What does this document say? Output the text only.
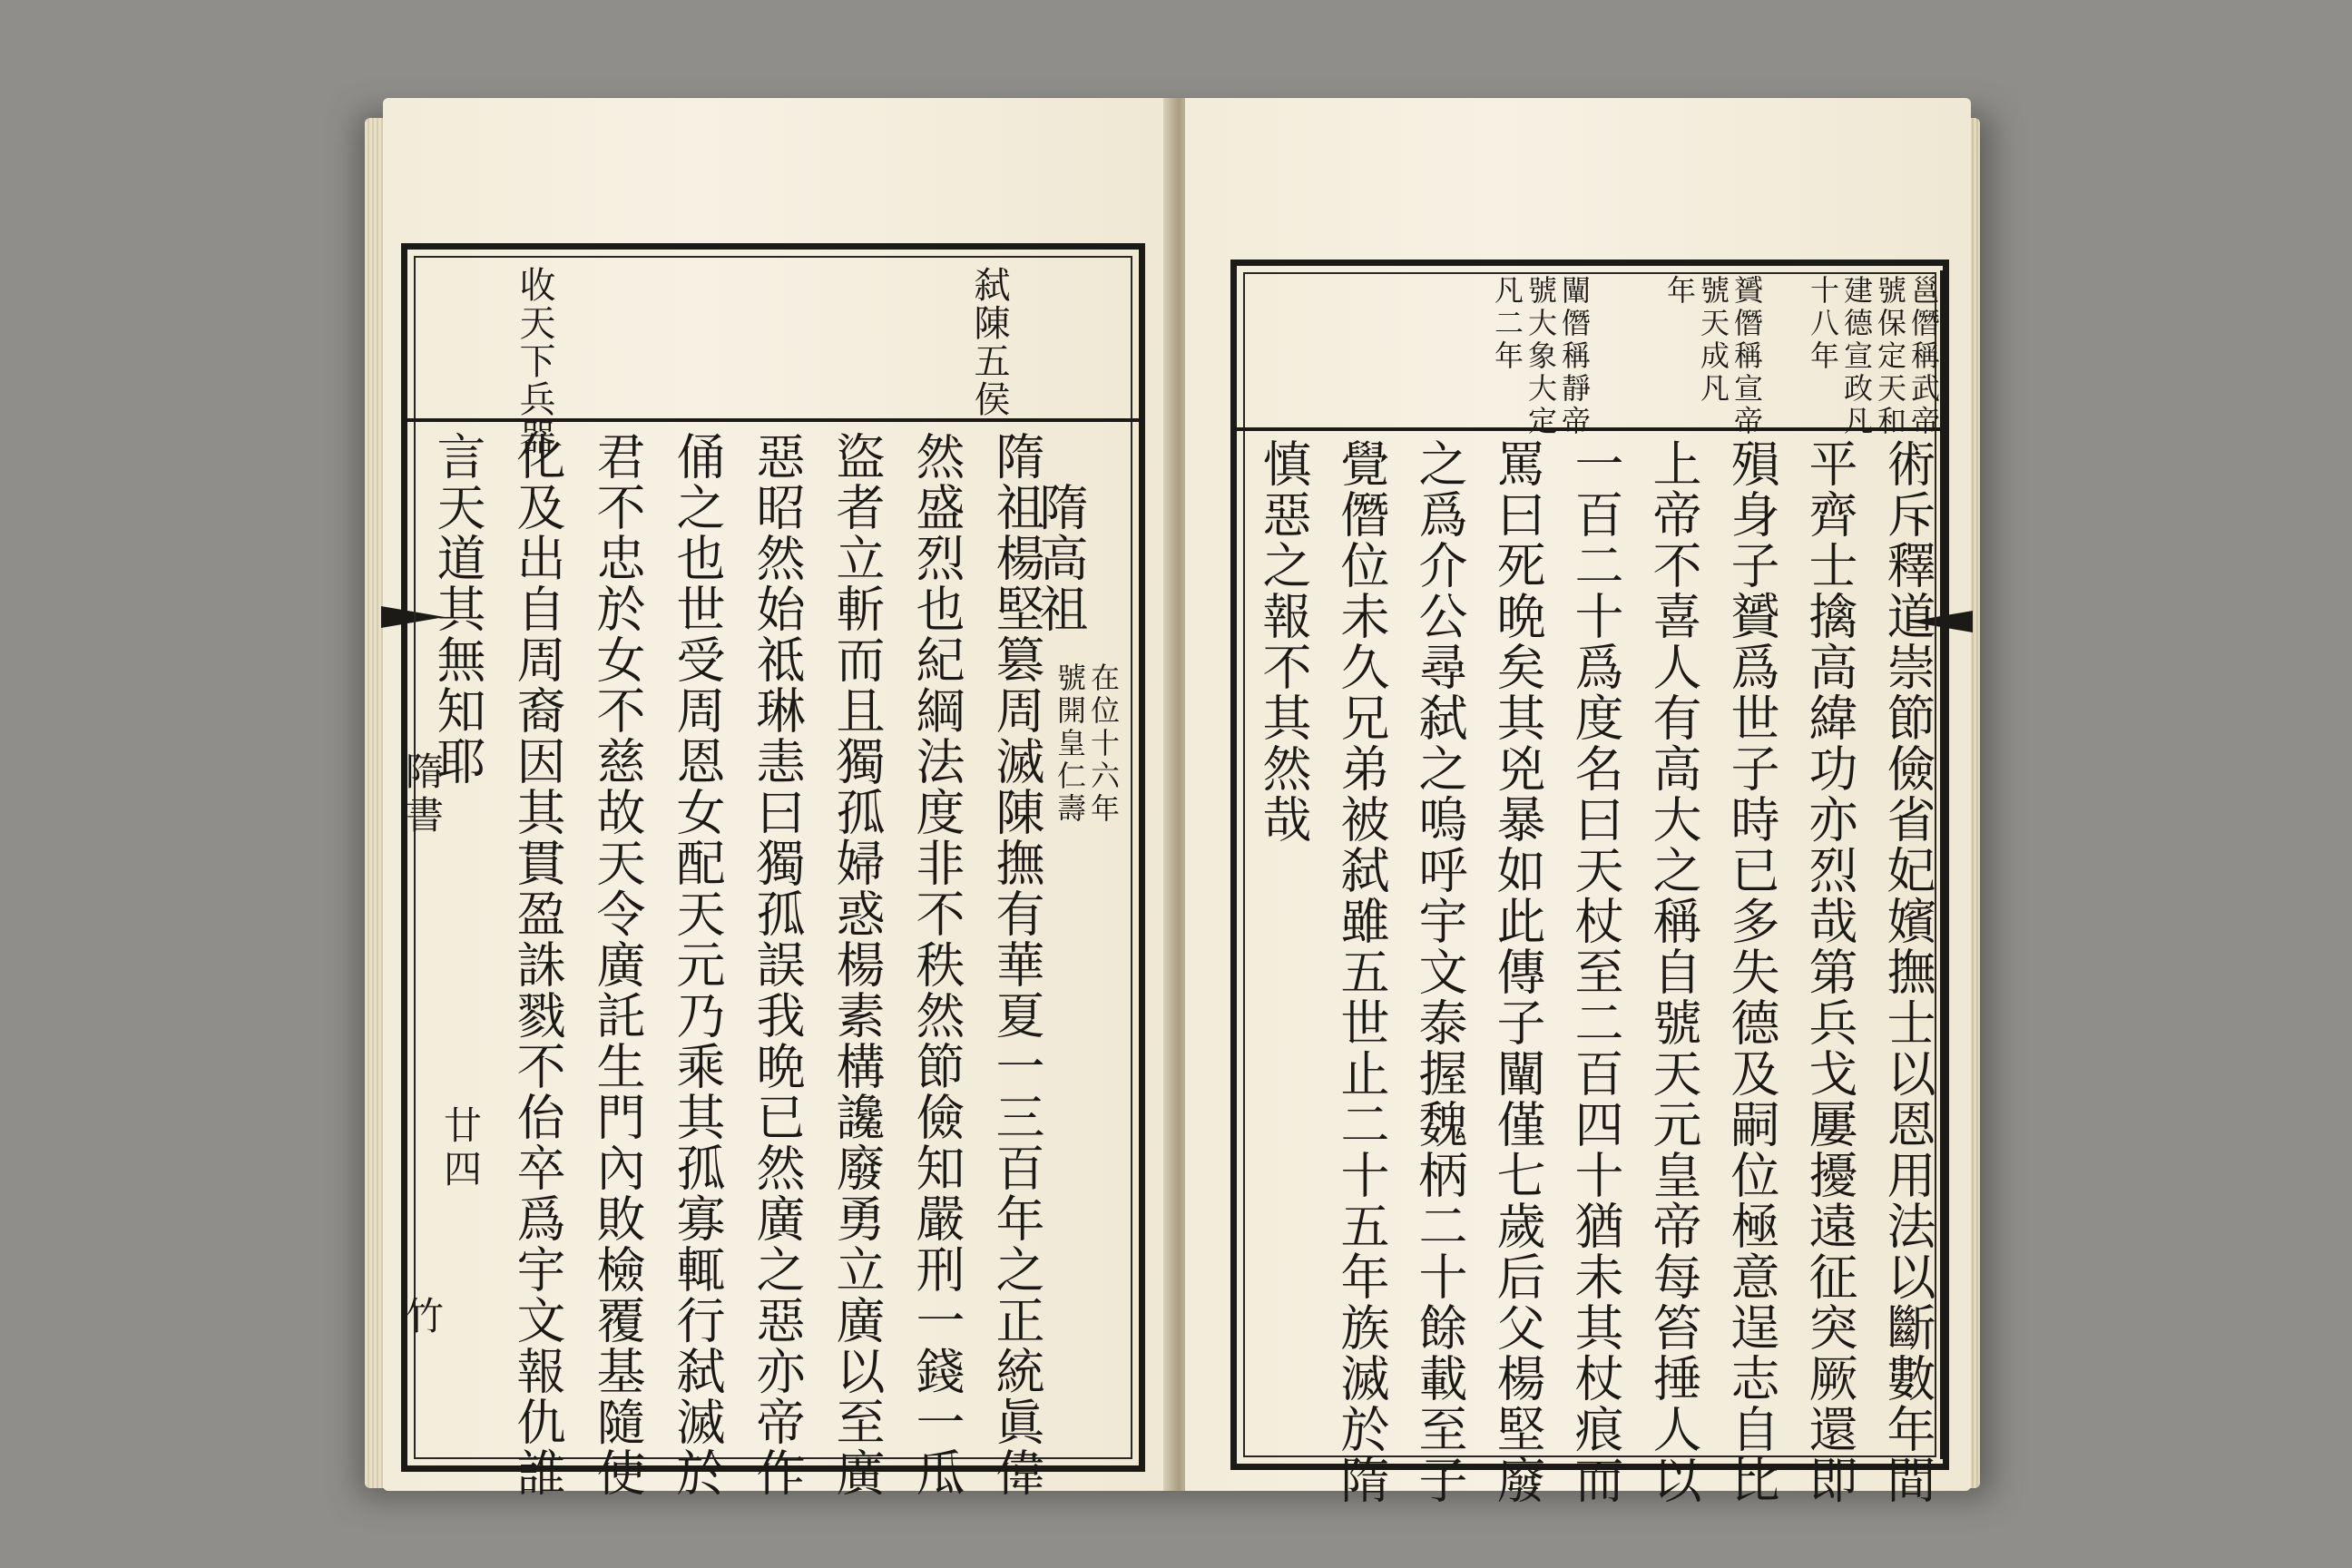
弑陳五侯
收天下兵器
隋高祖
在位十六年
號開皇仁壽
隋祖楊堅篡周滅陳撫有華夏一三百年之正統眞偉
然盛烈也紀綱法度非不秩然節儉知嚴刑一錢一瓜
盜者立斬而且獨孤婦惑楊素構讒廢勇立廣以至廣
惡昭然始祗琳恚曰獨孤誤我晩已然廣之惡亦帝作
俑之也世受周恩女配天元乃乘其孤寡輒行弑滅於
君不忠於女不慈故天令廣託生門內敗檢覆基隨使
化及出自周裔因其貫盈誅戮不佁卒爲宇文報仇誰
言天道其無知耶
隋書
廿四
竹
邕僭稱武帝
號保定天和
建德宣政凡
十八年
贇僭稱宣帝
號天成凡
年
闡僭稱靜帝
號大象大定
凡二年
術斥釋道崇節儉省妃嬪撫士以恩用法以斷數年間
平齊士擒高緯功亦烈哉第兵戈屢擾遠征突厥還即
殞身子贇爲世子時已多失德及嗣位極意逞志自比
上帝不喜人有高大之稱自號天元皇帝每笞捶人以
一百二十爲度名曰天杖至二百四十猶未其杖痕而
罵曰死晩矣其兇暴如此傳子闡僅七歲后父楊堅廢
之爲介公尋弑之嗚呼宇文泰握魏柄二十餘載至子
覺僭位未久兄弟被弑雖五世止二十五年族滅於隋
慎惡之報不其然哉
